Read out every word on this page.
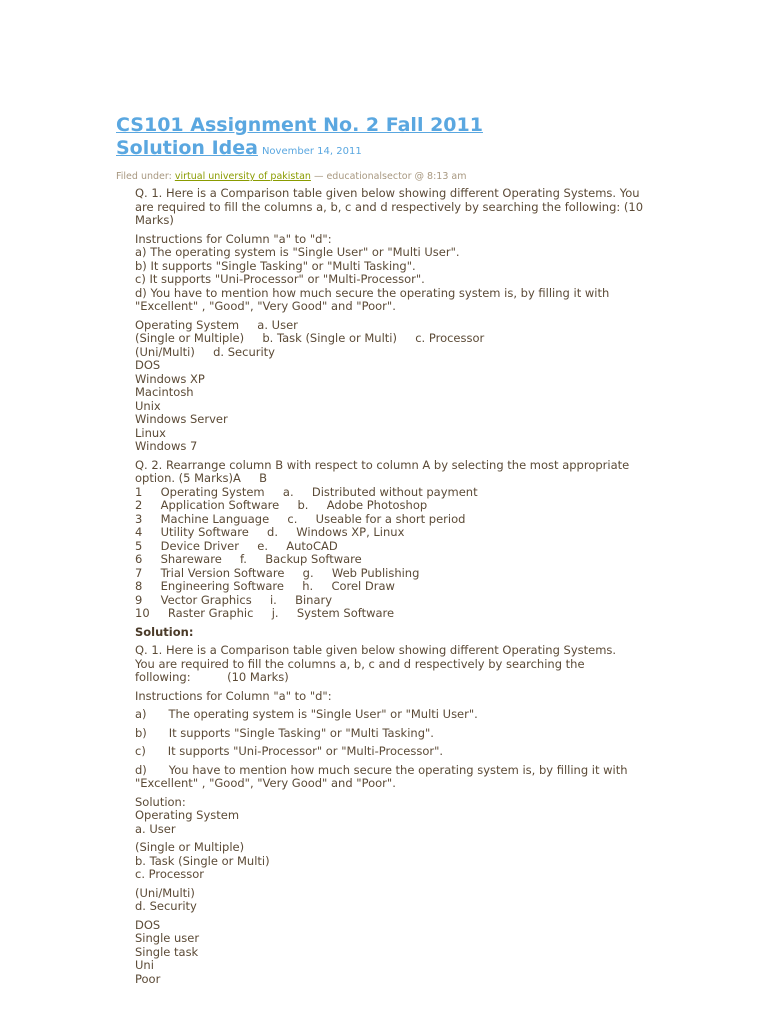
CS101 Assignment No. 2 Fall 2011
Solution Idea November 14, 2011
Filed under: virtual university of pakistan — educationalsector @ 8:13 am

Q. 1. Here is a Comparison table given below showing different Operating Systems. You are required to fill the columns a, b, c and d respectively by searching the following: (10 Marks)

Instructions for Column "a" to "d":
a) The operating system is "Single User" or "Multi User".
b) It supports "Single Tasking" or "Multi Tasking".
c) It supports "Uni-Processor" or "Multi-Processor".
d) You have to mention how much secure the operating system is, by filling it with "Excellent" , "Good", "Very Good" and "Poor".

Operating System     a. User
(Single or Multiple)     b. Task (Single or Multi)     c. Processor
(Uni/Multi)     d. Security
DOS
Windows XP
Macintosh
Unix
Windows Server
Linux
Windows 7

Q. 2. Rearrange column B with respect to column A by selecting the most appropriate
option. (5 Marks)A     B
1     Operating System     a.     Distributed without payment
2     Application Software     b.     Adobe Photoshop
3     Machine Language     c.     Useable for a short period
4     Utility Software     d.     Windows XP, Linux
5     Device Driver     e.     AutoCAD
6     Shareware     f.     Backup Software
7     Trial Version Software     g.     Web Publishing
8     Engineering Software     h.     Corel Draw
9     Vector Graphics     i.     Binary
10     Raster Graphic     j.     System Software

Solution:

Q. 1. Here is a Comparison table given below showing different Operating Systems.
You are required to fill the columns a, b, c and d respectively by searching the
following:          (10 Marks)

Instructions for Column "a" to "d":

a)      The operating system is "Single User" or "Multi User".

b)      It supports "Single Tasking" or "Multi Tasking".

c)      It supports "Uni-Processor" or "Multi-Processor".

d)      You have to mention how much secure the operating system is, by filling it with
"Excellent" , "Good", "Very Good" and "Poor".

Solution:
Operating System
a. User

(Single or Multiple)
b. Task (Single or Multi)
c. Processor

(Uni/Multi)
d. Security

DOS
Single user
Single task
Uni
Poor
